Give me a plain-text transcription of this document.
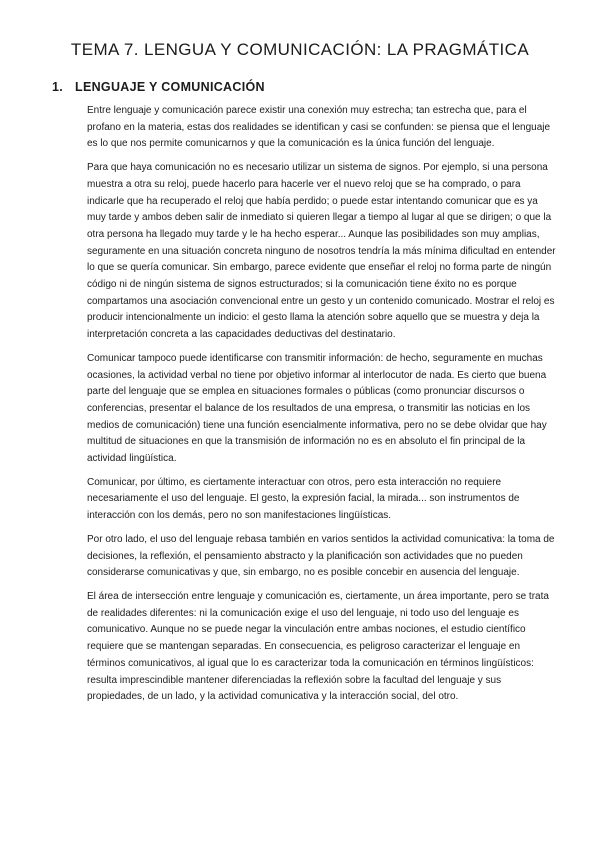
TEMA 7. LENGUA Y COMUNICACIÓN: LA PRAGMÁTICA
1. LENGUAJE Y COMUNICACIÓN

Entre lenguaje y comunicación parece existir una conexión muy estrecha; tan estrecha que, para el profano en la materia, estas dos realidades se identifican y casi se confunden: se piensa que el lenguaje es lo que nos permite comunicarnos y que la comunicación es la única función del lenguaje.

Para que haya comunicación no es necesario utilizar un sistema de signos. Por ejemplo, si una persona muestra a otra su reloj, puede hacerlo para hacerle ver el nuevo reloj que se ha comprado, o para indicarle que ha recuperado el reloj que había perdido; o puede estar intentando comunicar que es ya muy tarde y ambos deben salir de inmediato si quieren llegar a tiempo al lugar al que se dirigen; o que la otra persona ha llegado muy tarde y le ha hecho esperar... Aunque las posibilidades son muy amplias, seguramente en una situación concreta ninguno de nosotros tendría la más mínima dificultad en entender lo que se quería comunicar. Sin embargo, parece evidente que enseñar el reloj no forma parte de ningún código ni de ningún sistema de signos estructurados; si la comunicación tiene éxito no es porque compartamos una asociación convencional entre un gesto y un contenido comunicado. Mostrar el reloj es producir intencionalmente un indicio: el gesto llama la atención sobre aquello que se muestra y deja la interpretación concreta a las capacidades deductivas del destinatario.

Comunicar tampoco puede identificarse con transmitir información: de hecho, seguramente en muchas ocasiones, la actividad verbal no tiene por objetivo informar al interlocutor de nada. Es cierto que buena parte del lenguaje que se emplea en situaciones formales o públicas (como pronunciar discursos o conferencias, presentar el balance de los resultados de una empresa, o transmitir las noticias en los medios de comunicación) tiene una función esencialmente informativa, pero no se debe olvidar que hay multitud de situaciones en que la transmisión de información no es en absoluto el fin principal de la actividad lingüística.

Comunicar, por último, es ciertamente interactuar con otros, pero esta interacción no requiere necesariamente el uso del lenguaje. El gesto, la expresión facial, la mirada... son instrumentos de interacción con los demás, pero no son manifestaciones lingüísticas.

Por otro lado, el uso del lenguaje rebasa también en varios sentidos la actividad comunicativa: la toma de decisiones, la reflexión, el pensamiento abstracto y la planificación son actividades que no pueden considerarse comunicativas y que, sin embargo, no es posible concebir en ausencia del lenguaje.

El área de intersección entre lenguaje y comunicación es, ciertamente, un área importante, pero se trata de realidades diferentes: ni la comunicación exige el uso del lenguaje, ni todo uso del lenguaje es comunicativo. Aunque no se puede negar la vinculación entre ambas nociones, el estudio científico requiere que se mantengan separadas. En consecuencia, es peligroso caracterizar el lenguaje en términos comunicativos, al igual que lo es caracterizar toda la comunicación en términos lingüísticos: resulta imprescindible mantener diferenciadas la reflexión sobre la facultad del lenguaje y sus propiedades, de un lado, y la actividad comunicativa y la interacción social, del otro.
